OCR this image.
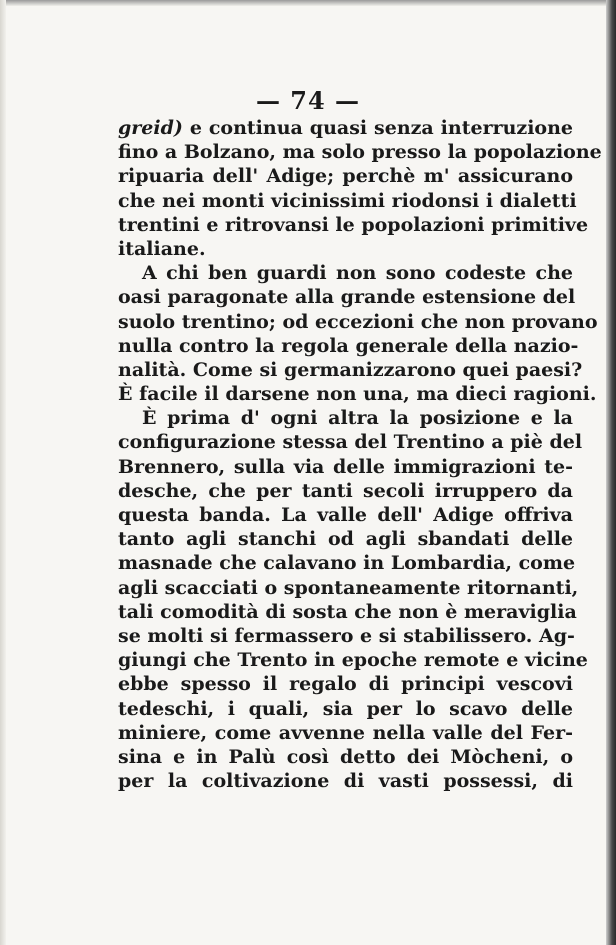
— 74 —
greid) e continua quasi senza interruzione
fino a Bolzano, ma solo presso la popolazione
ripuaria dell' Adige; perchè m' assicurano
che nei monti vicinissimi riodonsi i dialetti
trentini e ritrovansi le popolazioni primitive
italiane.
A chi ben guardi non sono codeste che
oasi paragonate alla grande estensione del
suolo trentino; od eccezioni che non provano
nulla contro la regola generale della nazio-
nalità. Come si germanizzarono quei paesi?
È facile il darsene non una, ma dieci ragioni.
È prima d' ogni altra la posizione e la
configurazione stessa del Trentino a piè del
Brennero, sulla via delle immigrazioni te-
desche, che per tanti secoli irruppero da
questa banda. La valle dell' Adige offriva
tanto agli stanchi od agli sbandati delle
masnade che calavano in Lombardia, come
agli scacciati o spontaneamente ritornanti,
tali comodità di sosta che non è meraviglia
se molti si fermassero e si stabilissero. Ag-
giungi che Trento in epoche remote e vicine
ebbe spesso il regalo di principi vescovi
tedeschi, i quali, sia per lo scavo delle
miniere, come avvenne nella valle del Fer-
sina e in Palù così detto dei Mòcheni, o
per la coltivazione di vasti possessi, di
